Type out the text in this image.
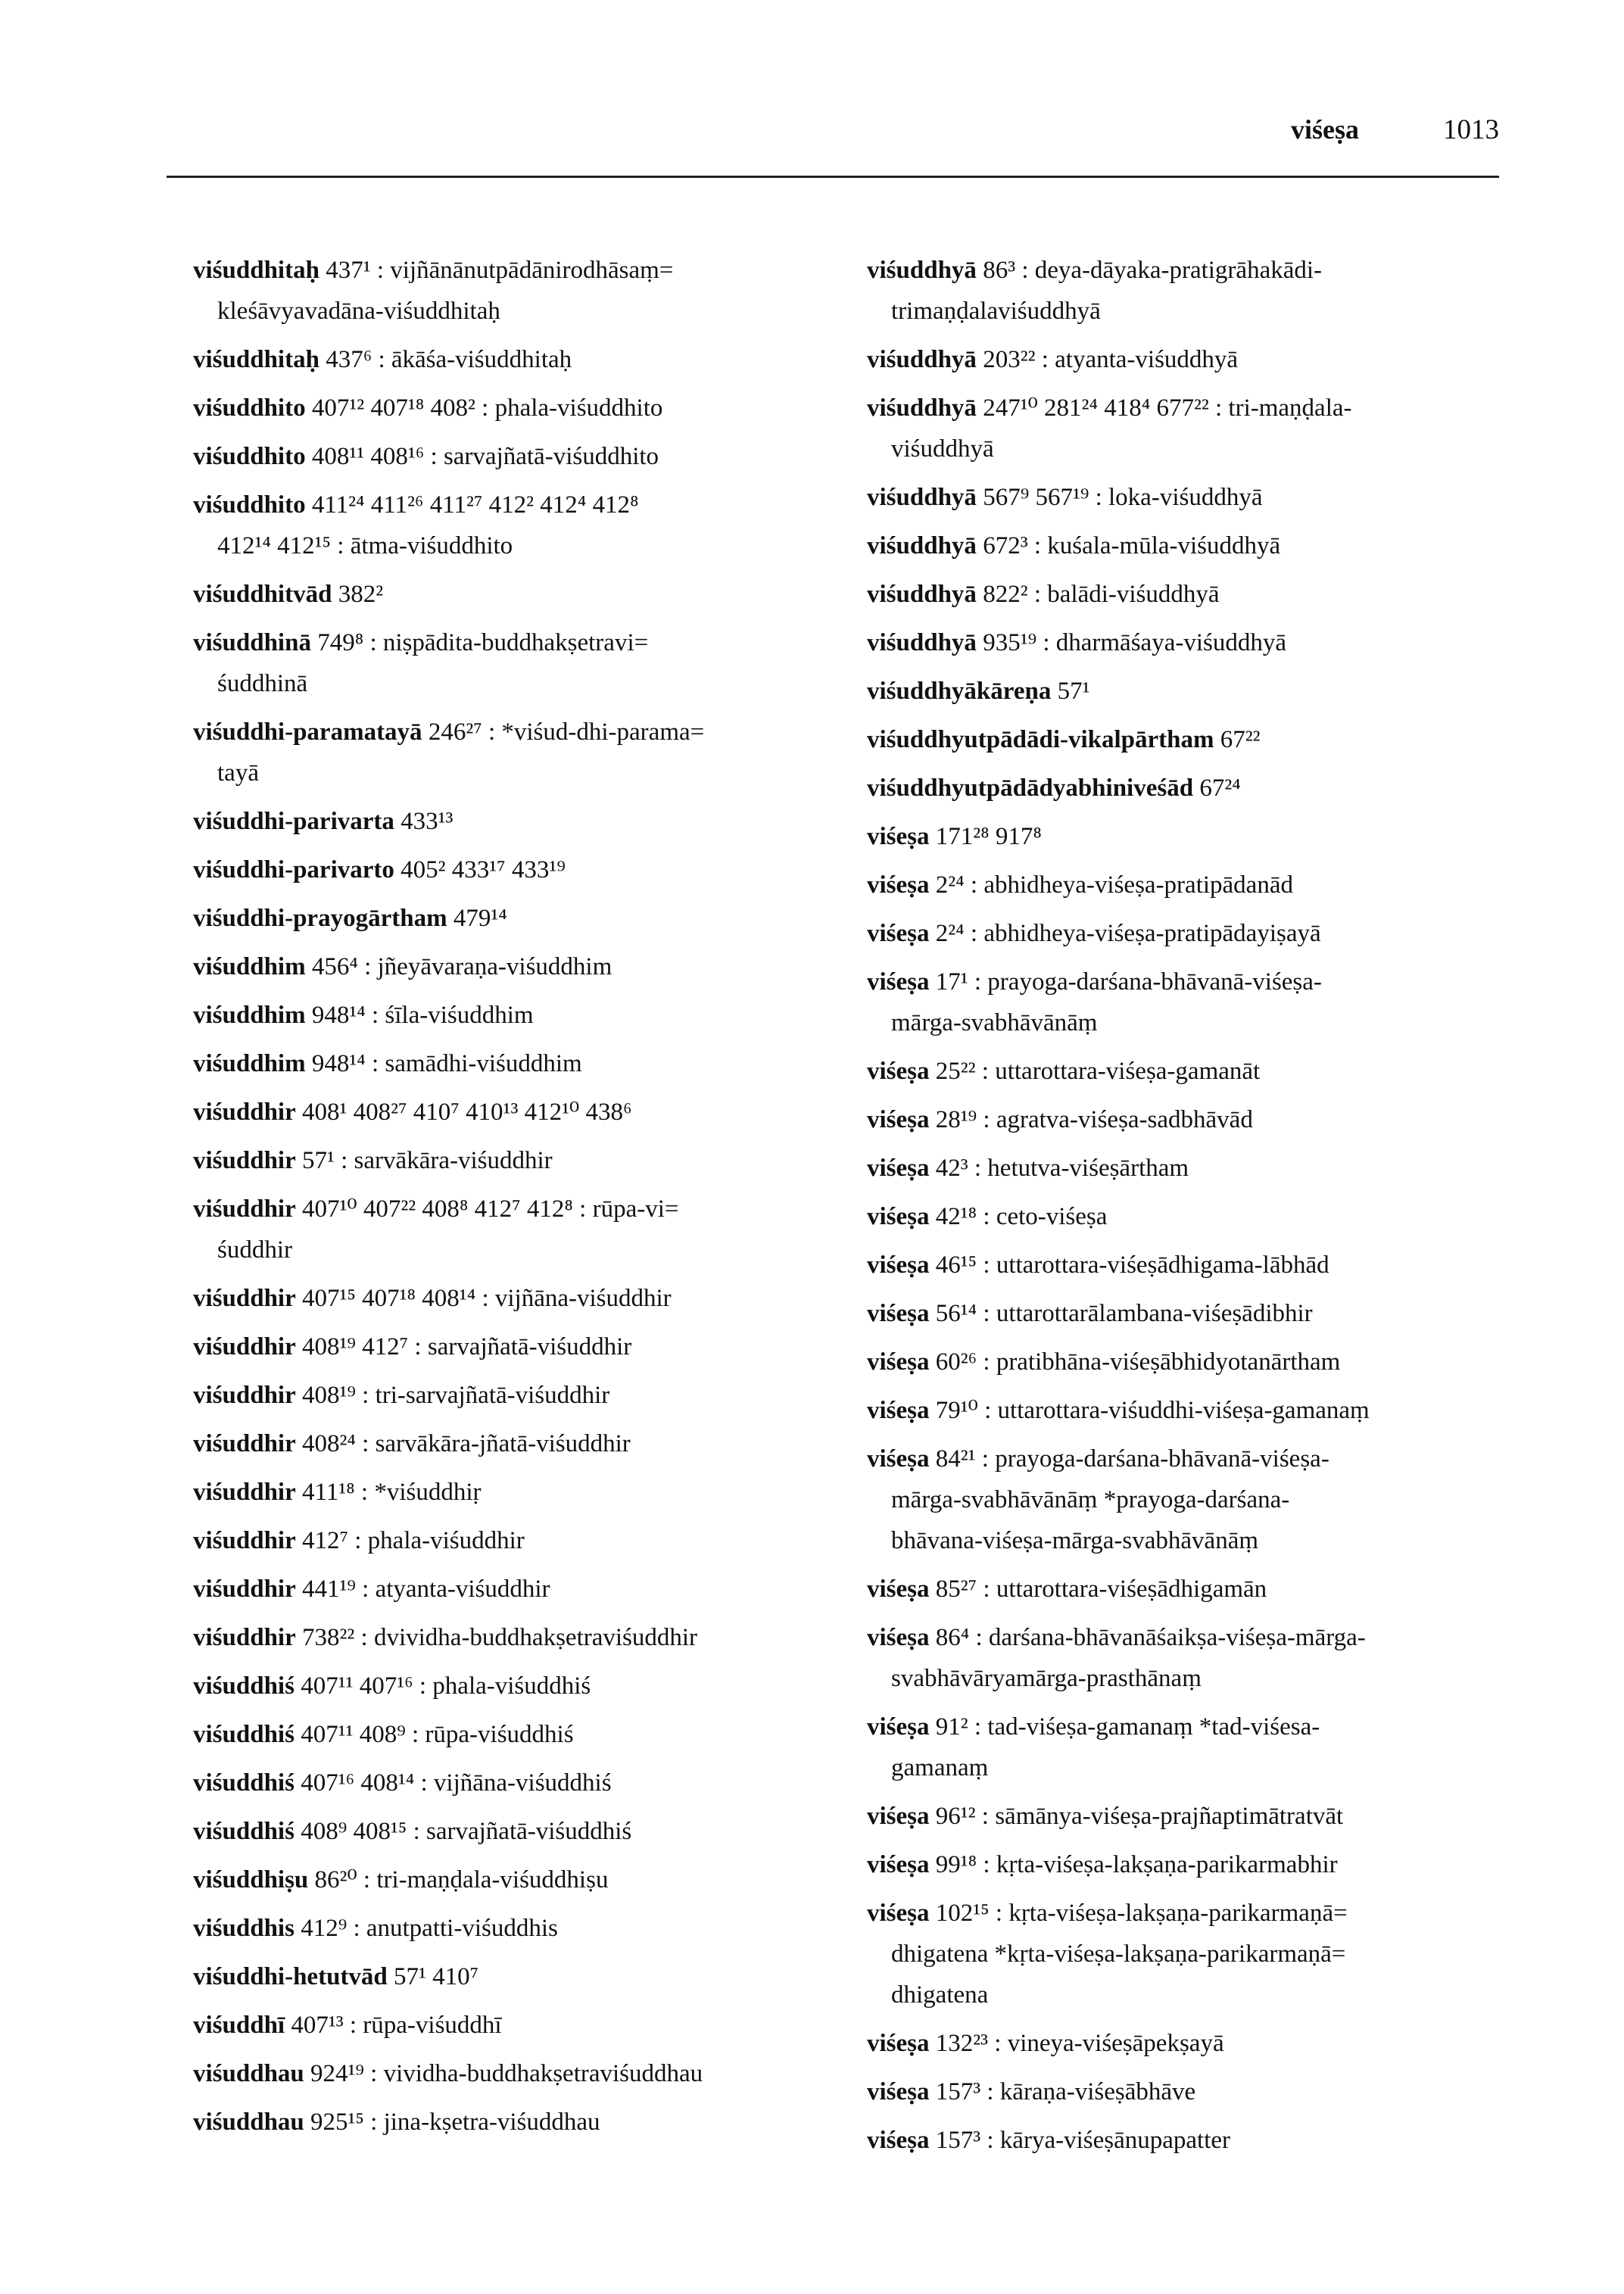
viśeṣa	1013
viśuddhitaḥ 437¹ : vijñānānutpādānirodhāsaṃ=
kleśāvyavadāna-viśuddhitaḥ
viśuddhitaḥ 437⁶ : ākāśa-viśuddhitaḥ
viśuddhito 407¹² 407¹⁸ 408² : phala-viśuddhito
viśuddhito 408¹¹ 408¹⁶ : sarvajñatā-viśuddhito
viśuddhito 411²⁴ 411²⁶ 411²⁷ 412² 412⁴ 412⁸
412¹⁴ 412¹⁵ : ātma-viśuddhito
viśuddhitvād 382²
viśuddhinā 749⁸ : niṣpādita-buddhakṣetravi=
śuddhinā
viśuddhi-paramatayā 246²⁷ : *viśud-dhi-parama=
tayā
viśuddhi-parivarta 433¹³
viśuddhi-parivarto 405² 433¹⁷ 433¹⁹
viśuddhi-prayogārtham 479¹⁴
viśuddhim 456⁴ : jñeyāvaraṇa-viśuddhim
viśuddhim 948¹⁴ : śīla-viśuddhim
viśuddhim 948¹⁴ : samādhi-viśuddhim
viśuddhir 408¹ 408²⁷ 410⁷ 410¹³ 412¹⁰ 438⁶
viśuddhir 57¹ : sarvākāra-viśuddhir
viśuddhir 407¹⁰ 407²² 408⁸ 412⁷ 412⁸ : rūpa-vi=
śuddhir
viśuddhir 407¹⁵ 407¹⁸ 408¹⁴ : vijñāna-viśuddhir
viśuddhir 408¹⁹ 412⁷ : sarvajñatā-viśuddhir
viśuddhir 408¹⁹ : tri-sarvajñatā-viśuddhir
viśuddhir 408²⁴ : sarvākāra-jñatā-viśuddhir
viśuddhir 411¹⁸ : *viśuddhiṛ
viśuddhir 412⁷ : phala-viśuddhir
viśuddhir 441¹⁹ : atyanta-viśuddhir
viśuddhir 738²² : dvividha-buddhakṣetraviśuddhir
viśuddhiś 407¹¹ 407¹⁶ : phala-viśuddhiś
viśuddhiś 407¹¹ 408⁹ : rūpa-viśuddhiś
viśuddhiś 407¹⁶ 408¹⁴ : vijñāna-viśuddhiś
viśuddhiś 408⁹ 408¹⁵ : sarvajñatā-viśuddhiś
viśuddhiṣu 86²⁰ : tri-maṇḍala-viśuddhiṣu
viśuddhis 412⁹ : anutpatti-viśuddhis
viśuddhi-hetutvād 57¹ 410⁷
viśuddhī 407¹³ : rūpa-viśuddhī
viśuddhau 924¹⁹ : vividha-buddhakṣetraviśuddhau
viśuddhau 925¹⁵ : jina-kṣetra-viśuddhau
viśuddhyā 86³ : deya-dāyaka-pratigrāhakādi-
trimaṇḍalaviśuddhyā
viśuddhyā 203²² : atyanta-viśuddhyā
viśuddhyā 247¹⁰ 281²⁴ 418⁴ 677²² : tri-maṇḍala-
viśuddhyā
viśuddhyā 567⁹ 567¹⁹ : loka-viśuddhyā
viśuddhyā 672³ : kuśala-mūla-viśuddhyā
viśuddhyā 822² : balādi-viśuddhyā
viśuddhyā 935¹⁹ : dharmāśaya-viśuddhyā
viśuddhyākāreṇa 57¹
viśuddhyutpādādi-vikalpārtham 67²²
viśuddhyutpādādyabhiniveśād 67²⁴
viśeṣa 171²⁸ 917⁸
viśeṣa 2²⁴ : abhidheya-viśeṣa-pratipādanād
viśeṣa 2²⁴ : abhidheya-viśeṣa-pratipādayiṣayā
viśeṣa 17¹ : prayoga-darśana-bhāvanā-viśeṣa-
mārga-svabhāvānāṃ
viśeṣa 25²² : uttarottara-viśeṣa-gamanāt
viśeṣa 28¹⁹ : agratva-viśeṣa-sadbhāvād
viśeṣa 42³ : hetutva-viśeṣārtham
viśeṣa 42¹⁸ : ceto-viśeṣa
viśeṣa 46¹⁵ : uttarottara-viśeṣādhigama-lābhād
viśeṣa 56¹⁴ : uttarottarālambana-viśeṣādibhir
viśeṣa 60²⁶ : pratibhāna-viśeṣābhidyotanārtham
viśeṣa 79¹⁰ : uttarottara-viśuddhi-viśeṣa-gamanaṃ
viśeṣa 84²¹ : prayoga-darśana-bhāvanā-viśeṣa-
mārga-svabhāvānāṃ *prayoga-darśana-
bhāvana-viśeṣa-mārga-svabhāvānāṃ
viśeṣa 85²⁷ : uttarottara-viśeṣādhigamān
viśeṣa 86⁴ : darśana-bhāvanāśaikṣa-viśeṣa-mārga-
svabhāvāryamārga-prasthānaṃ
viśeṣa 91² : tad-viśeṣa-gamanaṃ *tad-viśesa-
gamanaṃ
viśeṣa 96¹² : sāmānya-viśeṣa-prajñaptimātratvāt
viśeṣa 99¹⁸ : kṛta-viśeṣa-lakṣaṇa-parikarmabhir
viśeṣa 102¹⁵ : kṛta-viśeṣa-lakṣaṇa-parikarmaṇā=
dhigatena *kṛta-viśeṣa-lakṣaṇa-parikarmaṇā=
dhigatena
viśeṣa 132²³ : vineya-viśeṣāpekṣayā
viśeṣa 157³ : kāraṇa-viśeṣābhāve
viśeṣa 157³ : kārya-viśeṣānupapatter
